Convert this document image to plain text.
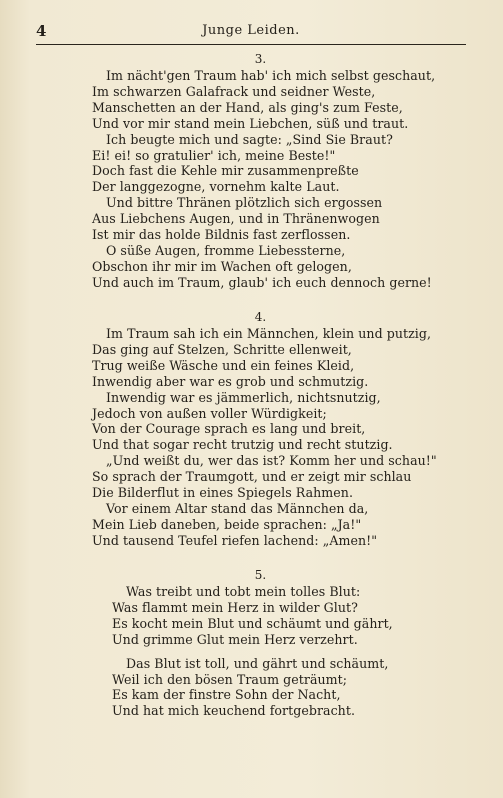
4	Junge Leiden.
3.
Im nächt'gen Traum hab' ich mich selbst geschaut,
Im schwarzen Galafrack und seidner Weste,
Manschetten an der Hand, als ging's zum Feste,
Und vor mir stand mein Liebchen, süß und traut.
Ich beugte mich und sagte: „Sind Sie Braut?
Ei! ei! so gratulier' ich, meine Beste!"
Doch fast die Kehle mir zusammenpreßte
Der langgezogne, vornehm kalte Laut.
Und bittre Thränen plötzlich sich ergossen
Aus Liebchens Augen, und in Thränenwogen
Ist mir das holde Bildnis fast zerflossen.
O süße Augen, fromme Liebessterne,
Obschon ihr mir im Wachen oft gelogen,
Und auch im Traum, glaub' ich euch dennoch gerne!
4.
Im Traum sah ich ein Männchen, klein und putzig,
Das ging auf Stelzen, Schritte ellenweit,
Trug weiße Wäsche und ein feines Kleid,
Inwendig aber war es grob und schmutzig.
Inwendig war es jämmerlich, nichtsnutzig,
Jedoch von außen voller Würdigkeit;
Von der Courage sprach es lang und breit,
Und that sogar recht trutzig und recht stutzig.
„Und weißt du, wer das ist? Komm her und schau!"
So sprach der Traumgott, und er zeigt mir schlau
Die Bilderflut in eines Spiegels Rahmen.
Vor einem Altar stand das Männchen da,
Mein Lieb daneben, beide sprachen: „Ja!"
Und tausend Teufel riefen lachend: „Amen!"
5.
Was treibt und tobt mein tolles Blut:
Was flammt mein Herz in wilder Glut?
Es kocht mein Blut und schäumt und gährt,
Und grimme Glut mein Herz verzehrt.
Das Blut ist toll, und gährt und schäumt,
Weil ich den bösen Traum geträumt;
Es kam der finstre Sohn der Nacht,
Und hat mich keuchend fortgebracht.
